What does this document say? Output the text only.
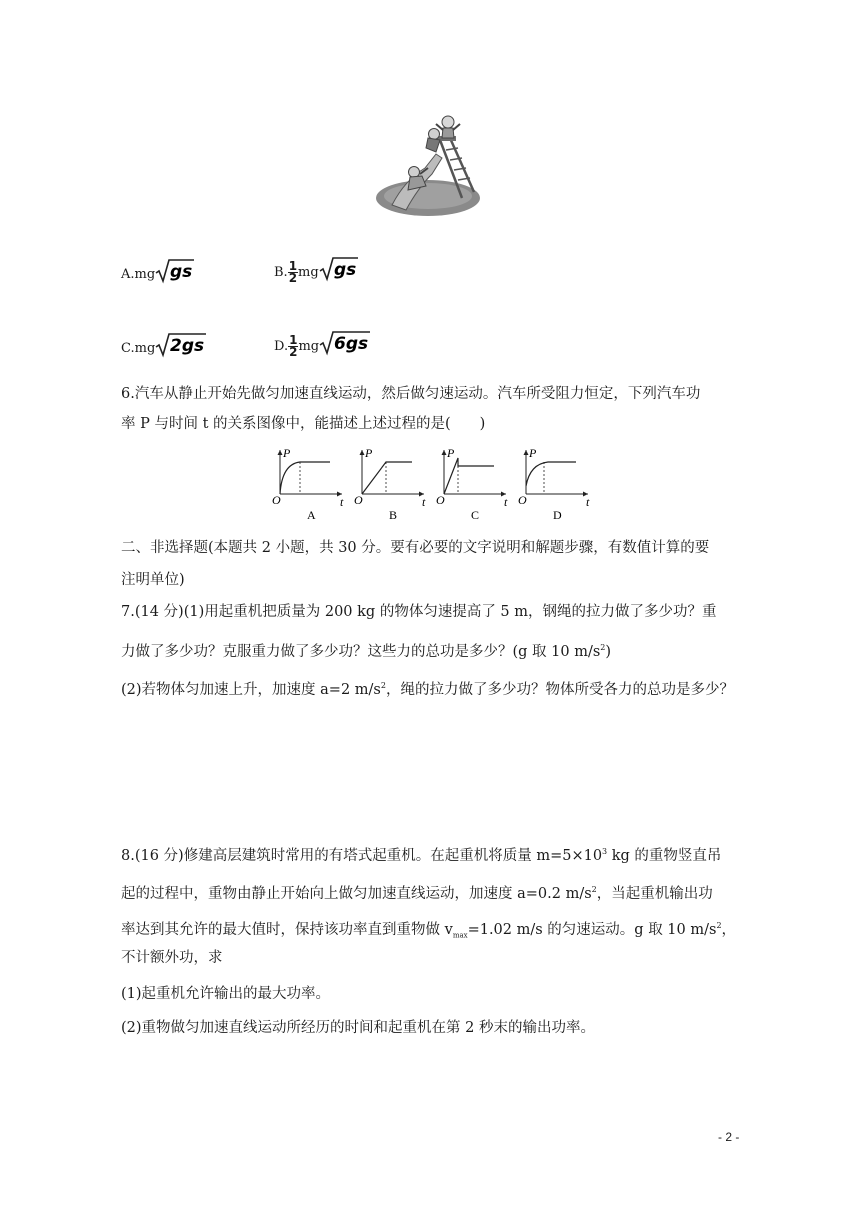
A.mg gs	B. $\frac{1}{2}$ mg gs
C.mg 2gs	D. $\frac{1}{2}$ mg 6gs
6.汽车从静止开始先做匀加速直线运动，然后做匀速运动。汽车所受阻力恒定，下列汽车功
率 P 与时间 t 的关系图像中，能描述上述过程的是(　　)
P
O	t
A
P
O	t
B
P
O	t
C
P
O	t
D
二、非选择题(本题共 2 小题，共 30 分。要有必要的文字说明和解题步骤，有数值计算的要
注明单位)
7.(14 分)(1)用起重机把质量为 200 kg 的物体匀速提高了 5 m，钢绳的拉力做了多少功？重
力做了多少功？克服重力做了多少功？这些力的总功是多少？(g 取 10 $m/s^2$)
(2)若物体匀加速上升，加速度 a=2 $m/s^2$，绳的拉力做了多少功？物体所受各力的总功是多少？
8.(16 分)修建高层建筑时常用的有塔式起重机。在起重机将质量 $m=5\times 10^3$ kg 的重物竖直吊
起的过程中，重物由静止开始向上做匀加速直线运动，加速度 a=0.2 $m/s^2$，当起重机输出功
率达到其允许的最大值时，保持该功率直到重物做 $v_{max}=1.02$ m/s 的匀速运动。g 取 10 $m/s^2$，
不计额外功，求
(1)起重机允许输出的最大功率。
(2)重物做匀加速直线运动所经历的时间和起重机在第 2 秒末的输出功率。
- 2 -
